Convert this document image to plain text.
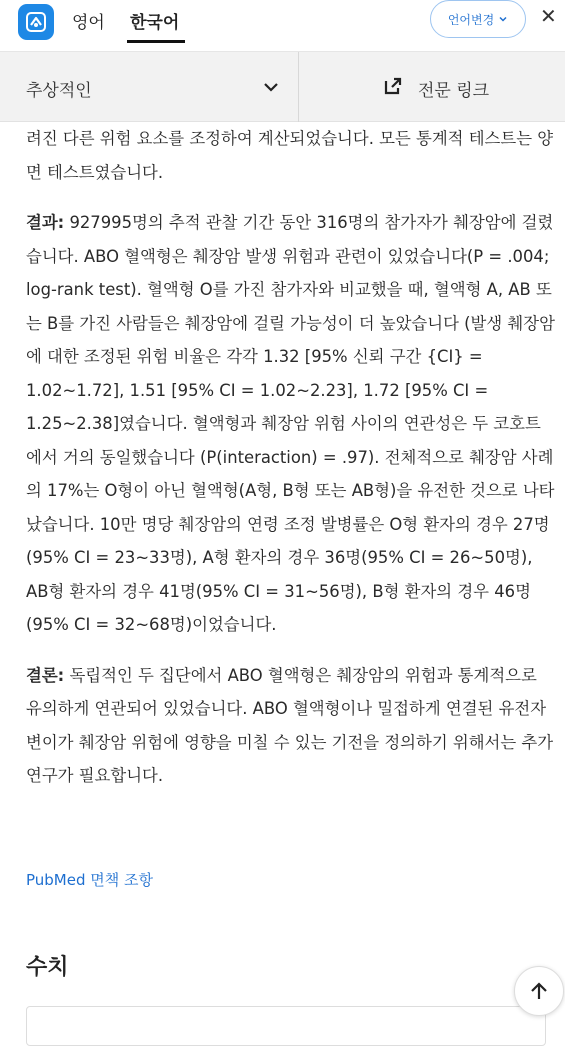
영어 한국어	언어변경 ✕
추상적인	전문 링크

려진 다른 위험 요소를 조정하여 계산되었습니다. 모든 통계적 테스트는 양면 테스트였습니다.

결과: 927995명의 추적 관찰 기간 동안 316명의 참가자가 췌장암에 걸렸습니다. ABO 혈액형은 췌장암 발생 위험과 관련이 있었습니다(P = .004; log-rank test). 혈액형 O를 가진 참가자와 비교했을 때, 혈액형 A, AB 또는 B를 가진 사람들은 췌장암에 걸릴 가능성이 더 높았습니다 (발생 췌장암에 대한 조정된 위험 비율은 각각 1.32 [95% 신뢰 구간 {CI} = 1.02~1.72], 1.51 [95% CI = 1.02~2.23], 1.72 [95% CI = 1.25~2.38]였습니다. 혈액형과 췌장암 위험 사이의 연관성은 두 코호트에서 거의 동일했습니다 (P(interaction) = .97). 전체적으로 췌장암 사례의 17%는 O형이 아닌 혈액형(A형, B형 또는 AB형)을 유전한 것으로 나타났습니다. 10만 명당 췌장암의 연령 조정 발병률은 O형 환자의 경우 27명(95% CI = 23~33명), A형 환자의 경우 36명(95% CI = 26~50명), AB형 환자의 경우 41명(95% CI = 31~56명), B형 환자의 경우 46명(95% CI = 32~68명)이었습니다.

결론: 독립적인 두 집단에서 ABO 혈액형은 췌장암의 위험과 통계적으로 유의하게 연관되어 있었습니다. ABO 혈액형이나 밀접하게 연결된 유전자 변이가 췌장암 위험에 영향을 미칠 수 있는 기전을 정의하기 위해서는 추가 연구가 필요합니다.

PubMed 면책 조항
수치
